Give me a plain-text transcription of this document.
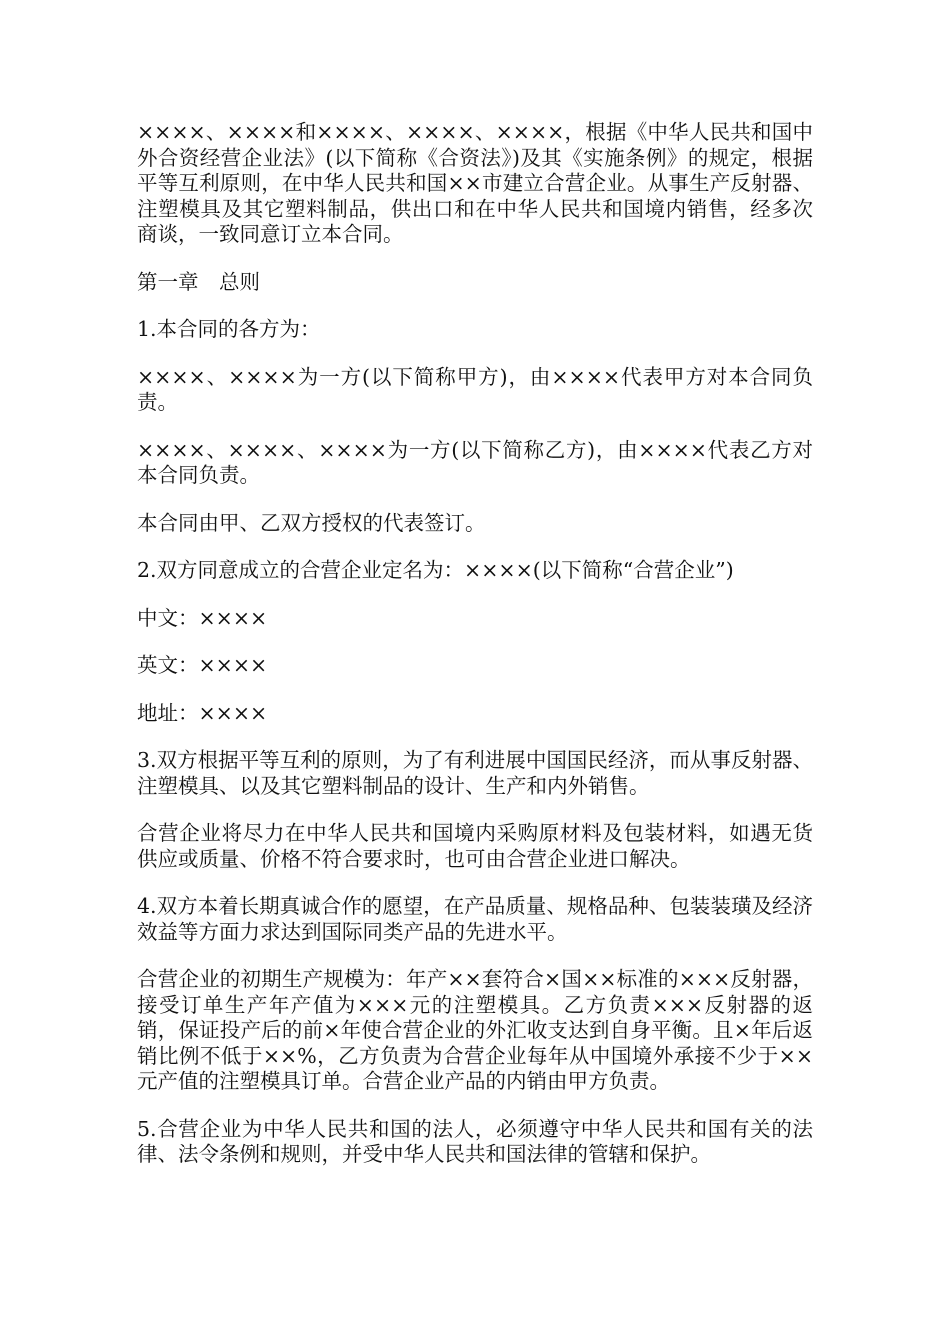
××××、××××和××××、××××、××××，根据《中华人民共和国中外合资经营企业法》(以下简称《合资法》)及其《实施条例》的规定，根据平等互利原则，在中华人民共和国××市建立合营企业。从事生产反射器、注塑模具及其它塑料制品，供出口和在中华人民共和国境内销售，经多次商谈，一致同意订立本合同。

第一章　总则

1.本合同的各方为：

××××、××××为一方(以下简称甲方)，由××××代表甲方对本合同负责。

××××、××××、××××为一方(以下简称乙方)，由××××代表乙方对本合同负责。

本合同由甲、乙双方授权的代表签订。

2.双方同意成立的合营企业定名为：××××(以下简称“合营企业”)

中文：××××

英文：××××

地址：××××

3.双方根据平等互利的原则，为了有利进展中国国民经济，而从事反射器、注塑模具、以及其它塑料制品的设计、生产和内外销售。

合营企业将尽力在中华人民共和国境内采购原材料及包装材料，如遇无货供应或质量、价格不符合要求时，也可由合营企业进口解决。

4.双方本着长期真诚合作的愿望，在产品质量、规格品种、包装装璜及经济效益等方面力求达到国际同类产品的先进水平。

合营企业的初期生产规模为：年产××套符合×国××标准的×××反射器，接受订单生产年产值为×××元的注塑模具。乙方负责×××反射器的返销，保证投产后的前×年使合营企业的外汇收支达到自身平衡。且×年后返销比例不低于××%，乙方负责为合营企业每年从中国境外承接不少于××元产值的注塑模具订单。合营企业产品的内销由甲方负责。

5.合营企业为中华人民共和国的法人，必须遵守中华人民共和国有关的法律、法令条例和规则，并受中华人民共和国法律的管辖和保护。
